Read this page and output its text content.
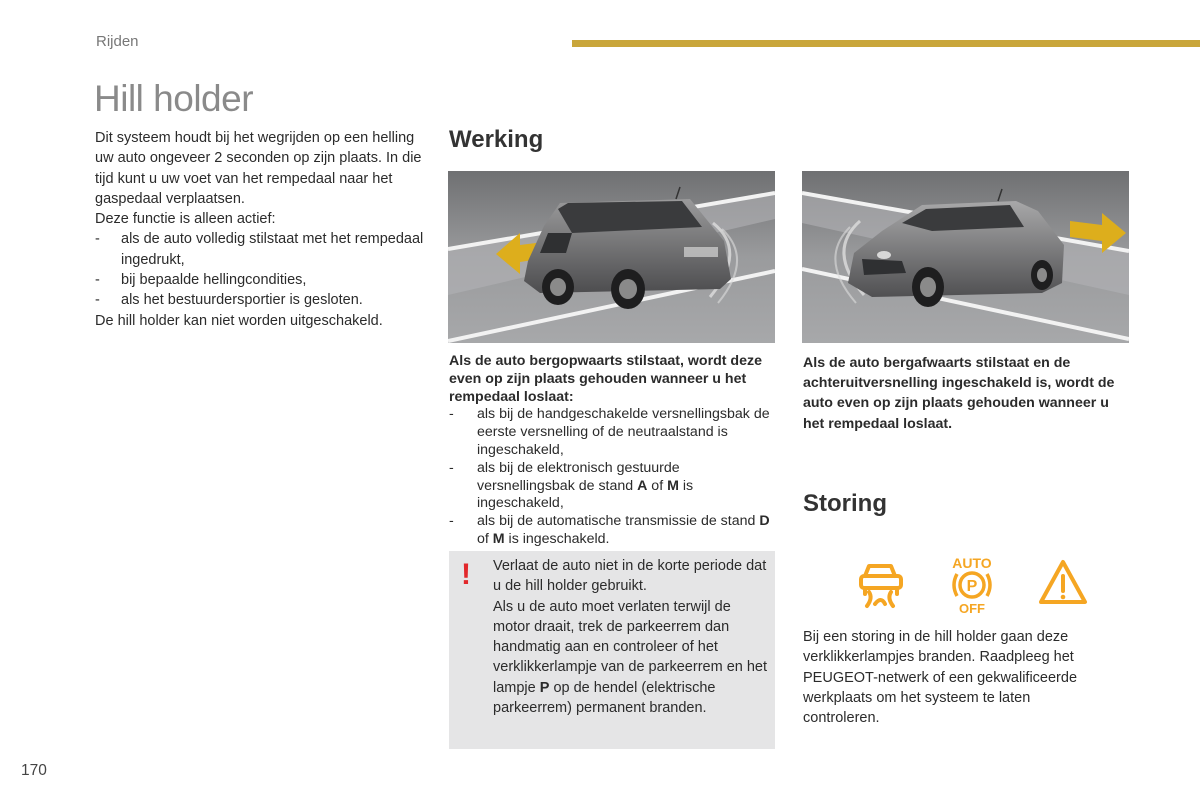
Rijden
Hill holder

Dit systeem houdt bij het wegrijden op een helling uw auto ongeveer 2 seconden op zijn plaats. In die tijd kunt u uw voet van het rempedaal naar het gaspedaal verplaatsen.

Deze functie is alleen actief:

- als de auto volledig stilstaat met het rempedaal ingedrukt,
- bij bepaalde hellingcondities,
- als het bestuurdersportier is gesloten.

De hill holder kan niet worden uitgeschakeld.

Werking

Als de auto bergopwaarts stilstaat, wordt deze even op zijn plaats gehouden wanneer u het rempedaal loslaat:

- als bij de handgeschakelde versnellingsbak de eerste versnelling of de neutraalstand is ingeschakeld,
- als bij de elektronisch gestuurde versnellingsbak de stand A of M is ingeschakeld,
- als bij de automatische transmissie de stand D of M is ingeschakeld.
Als de auto bergafwaarts stilstaat en de achteruitversnelling ingeschakeld is, wordt de auto even op zijn plaats gehouden wanneer u het rempedaal loslaat.
! Verlaat de auto niet in de korte periode dat u de hill holder gebruikt.

Als u de auto moet verlaten terwijl de motor draait, trek de parkeerrem dan handmatig aan en controleer of het verklikkerlampje van de parkeerrem en het lampje P op de hendel (elektrische parkeerrem) permanent branden.

Storing
AUTO
P
OFF
Bij een storing in de hill holder gaan deze verklikkerlampjes branden. Raadpleeg het PEUGEOT-netwerk of een gekwalificeerde werkplaats om het systeem te laten controleren.
170
